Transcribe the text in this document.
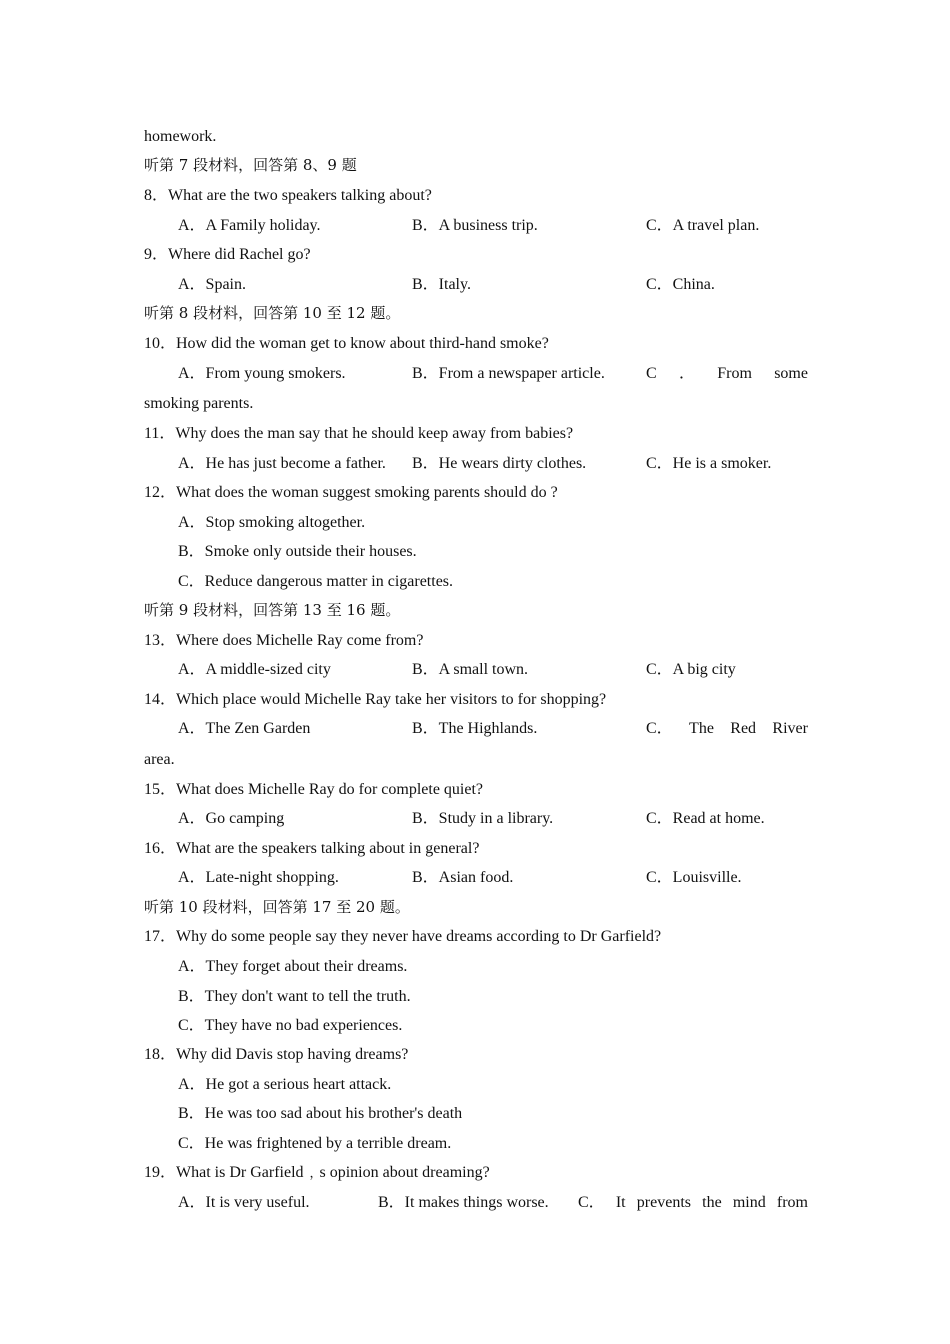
homework.
听第 7 段材料，回答第 8、9 题
8．What are the two speakers talking about?
A．A Family holiday.	B．A business trip.	C．A travel plan.
9．Where did Rachel go?
A．Spain.	B．Italy.	C．China.
听第 8 段材料，回答第 10 至 12 题。
10．How did the woman get to know about third-hand smoke?
A．From young smokers.	B．From a newspaper article.	C ． From some
smoking parents.
11．Why does the man say that he should keep away from babies?
A．He has just become a father. B．He wears dirty clothes.	C．He is a smoker.
12．What does the woman suggest smoking parents should do ?
A．Stop smoking altogether.
B．Smoke only outside their houses.
C．Reduce dangerous matter in cigarettes.
听第 9 段材料，回答第 13 至 16 题。
13．Where does Michelle Ray come from?
A．A middle-sized city	B．A small town.	C．A big city
14．Which place would Michelle Ray take her visitors to for shopping?
A．The Zen Garden	B．The Highlands.	C． The Red River
area.
15．What does Michelle Ray do for complete quiet?
A．Go camping	B．Study in a library.	C．Read at home.
16．What are the speakers talking about in general?
A．Late-night shopping.	B．Asian food.	C．Louisville.
听第 10 段材料，回答第 17 至 20 题。
17．Why do some people say they never have dreams according to Dr Garfield?
A．They forget about their dreams.
B．They don't want to tell the truth.
C．They have no bad experiences.
18．Why did Davis stop having dreams?
A．He got a serious heart attack.
B．He was too sad about his brother's death
C．He was frightened by a terrible dream.
19．What is Dr Garfield﹐s opinion about dreaming?
A．It is very useful.	B．It makes things worse. C． It prevents the mind from
